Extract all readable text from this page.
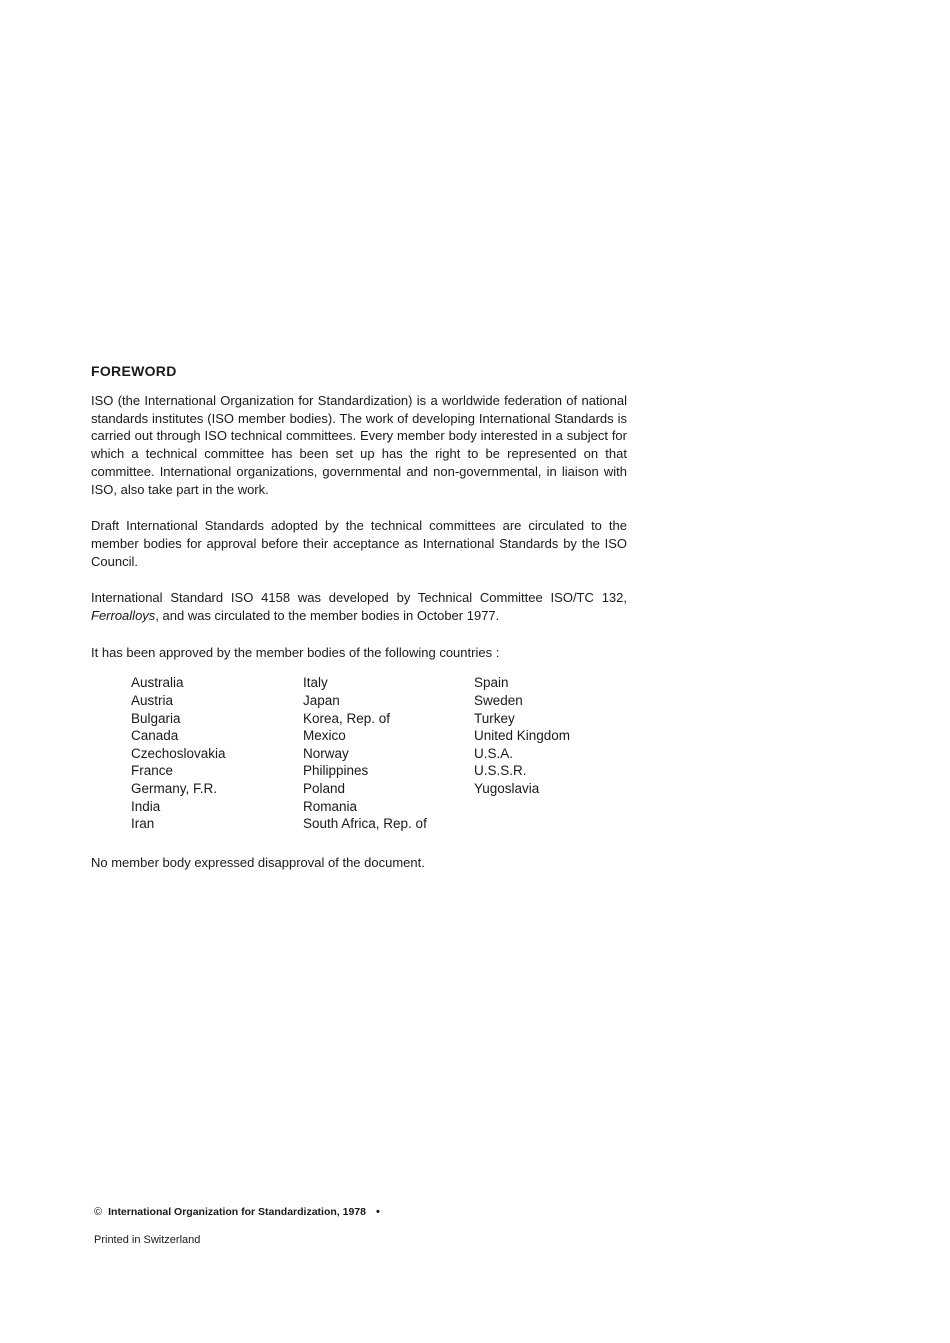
FOREWORD

ISO (the International Organization for Standardization) is a worldwide federation of national standards institutes (ISO member bodies). The work of developing International Standards is carried out through ISO technical committees. Every member body interested in a subject for which a technical committee has been set up has the right to be represented on that committee. International organizations, governmental and non-governmental, in liaison with ISO, also take part in the work.

Draft International Standards adopted by the technical committees are circulated to the member bodies for approval before their acceptance as International Standards by the ISO Council.

International Standard ISO 4158 was developed by Technical Committee ISO/TC 132, Ferroalloys, and was circulated to the member bodies in October 1977.

It has been approved by the member bodies of the following countries :

Australia
Austria
Bulgaria
Canada
Czechoslovakia
France
Germany, F.R.
India
Iran
Italy
Japan
Korea, Rep. of
Mexico
Norway
Philippines
Poland
Romania
South Africa, Rep. of
Spain
Sweden
Turkey
United Kingdom
U.S.A.
U.S.S.R.
Yugoslavia

No member body expressed disapproval of the document.

© International Organization for Standardization, 1978 •
Printed in Switzerland
